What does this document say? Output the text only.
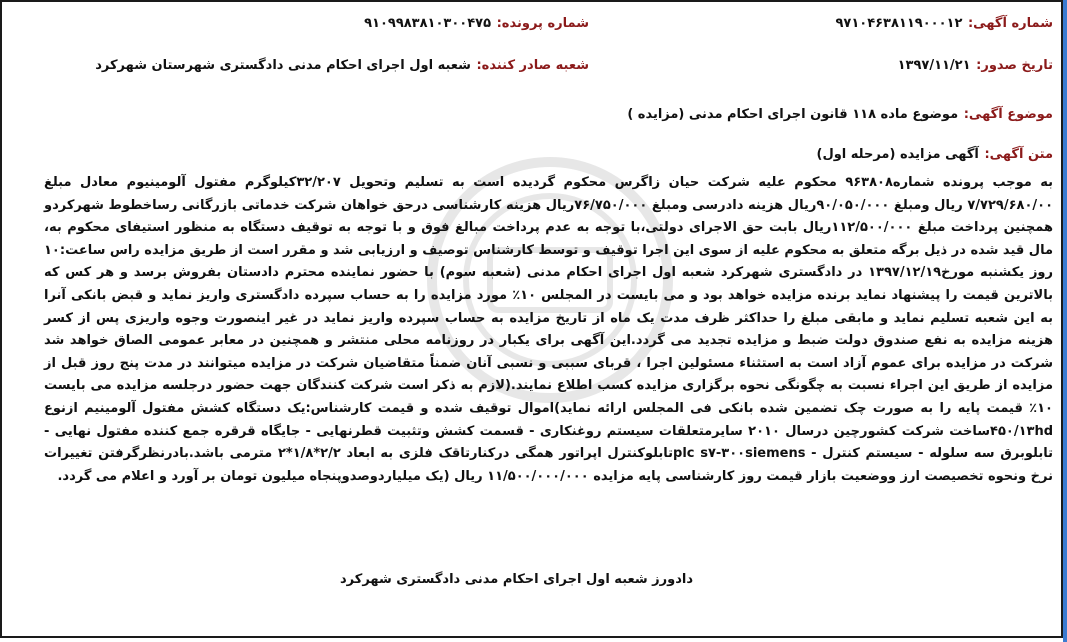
شماره آگهی: ۹۷۱۰۴۶۳۸۱۱۹۰۰۰۱۲
شماره پرونده: ۹۱۰۹۹۸۳۸۱۰۳۰۰۴۷۵
تاریخ صدور: ۱۳۹۷/۱۱/۲۱
شعبه صادر کننده: شعبه اول اجرای احکام مدنی دادگستری شهرستان شهرکرد
موضوع آگهی: موضوع ماده ۱۱۸ قانون اجرای احکام مدنی (مزایده )
متن آگهی: آگهی مزایده (مرحله اول)
به موجب پرونده شماره۹۶۳۸۰۸ محکوم علیه شرکت حیان زاگرس محکوم گردیده است به تسلیم وتحویل ۳۲/۲۰۷کیلوگرم مفتول آلومینیوم معادل مبلغ ۷/۷۲۹/۶۸۰/۰۰ ریال ومبلغ ۹۰/۰۵۰/۰۰۰ریال هزینه دادرسی ومبلغ ۷۶/۷۵۰/۰۰۰ریال هزینه کارشناسی درحق خواهان شرکت خدماتی بازرگانی رساخطوط شهرکردو همچنین پرداخت مبلغ ۱۱۲/۵۰۰/۰۰۰ریال بابت حق الاجرای دولتی،با توجه به عدم پرداخت مبالغ فوق و با توجه به توقیف دستگاه به منظور استیفای محکوم به، مال قید شده در ذیل برگه متعلق به محکوم علیه از سوی این اجرا توقیف و توسط کارشناس توصیف و ارزیابی شد و مقرر است از طریق مزایده راس ساعت:۱۰ روز یکشنبه مورخ۱۳۹۷/۱۲/۱۹ در دادگستری شهرکرد شعبه اول اجرای احکام مدنی (شعبه سوم) با حضور نماینده محترم دادستان بفروش برسد و هر کس که بالاترین قیمت را پیشنهاد نماید برنده مزایده خواهد بود و می بایست در المجلس ۱۰٪ مورد مزایده را به حساب سپرده دادگستری واریز نماید و قبض بانکی آنرا به این شعبه تسلیم نماید و مابقی مبلغ را حداکثر ظرف مدت یک ماه از تاریخ مزایده به حساب سپرده واریز نماید در غیر اینصورت وجوه واریزی پس از کسر هزینه مزایده به نفع صندوق دولت ضبط و مزایده تجدید می گردد.این آگهی برای یکبار در روزنامه محلی منتشر و همچنین در معابر عمومی الصاق خواهد شد شرکت در مزایده برای عموم آزاد است به استثناء مسئولین اجرا ، قربای سببی و نسبی آنان ضمناً متقاضیان شرکت در مزایده میتوانند در مدت پنج روز قبل از مزایده از طریق این اجراء نسبت به چگونگی نحوه برگزاری مزایده کسب اطلاع نمایند.(لازم به ذکر است شرکت کنندگان جهت حضور درجلسه مزایده می بایست ۱۰٪ قیمت پایه را به صورت چک تضمین شده بانکی فی المجلس ارائه نماید)اموال توقیف شده و قیمت کارشناس:یک دستگاه کشش مفتول آلومینیم ازنوع ۴۵۰/۱۳hdساخت شرکت کشورچین درسال ۲۰۱۰ سایرمتعلقات سیستم روغنکاری - قسمت کشش وتثبیت قطرنهایی - جایگاه قرقره جمع کننده مفتول نهایی - تابلوبرق سه سلوله - سیستم کنترل - plc s۷-۳۰۰siemensتابلوکنترل اپراتور همگی درکنارتاقک فلزی به ابعاد ۲/۲*۱/۸*۲ مترمی باشد.بادرنظرگرفتن تغییرات نرخ ونحوه تخصیصت ارز ووضعیت بازار قیمت روز کارشناسی پایه مزایده ۱۱/۵۰۰/۰۰۰/۰۰۰ ریال (یک میلیاردوصدوپنجاه میلیون تومان بر آورد و اعلام می گردد.
دادورز شعبه اول اجرای احکام مدنی دادگستری شهرکرد
